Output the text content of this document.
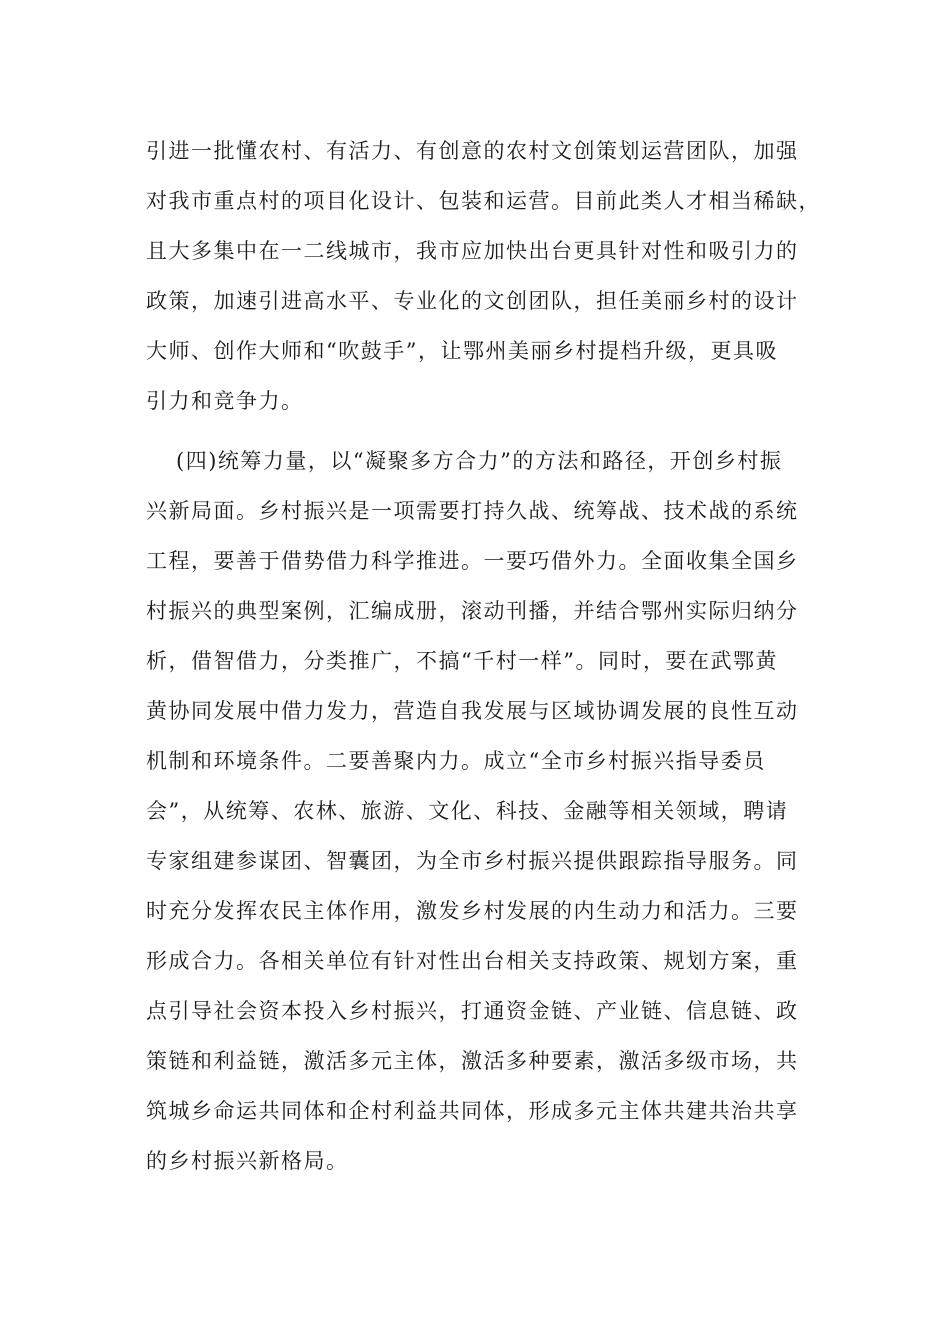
引进一批懂农村、有活力、有创意的农村文创策划运营团队，加强
对我市重点村的项目化设计、包装和运营。目前此类人才相当稀缺，
且大多集中在一二线城市，我市应加快出台更具针对性和吸引力的
政策，加速引进高水平、专业化的文创团队，担任美丽乡村的设计
大师、创作大师和“吹鼓手”，让鄂州美丽乡村提档升级，更具吸
引力和竞争力。
(四)统筹力量，以“凝聚多方合力”的方法和路径，开创乡村振
兴新局面。乡村振兴是一项需要打持久战、统筹战、技术战的系统
工程，要善于借势借力科学推进。一要巧借外力。全面收集全国乡
村振兴的典型案例，汇编成册，滚动刊播，并结合鄂州实际归纳分
析，借智借力，分类推广，不搞“千村一样”。同时，要在武鄂黄
黄协同发展中借力发力，营造自我发展与区域协调发展的良性互动
机制和环境条件。二要善聚内力。成立“全市乡村振兴指导委员
会”，从统筹、农林、旅游、文化、科技、金融等相关领域，聘请
专家组建参谋团、智囊团，为全市乡村振兴提供跟踪指导服务。同
时充分发挥农民主体作用，激发乡村发展的内生动力和活力。三要
形成合力。各相关单位有针对性出台相关支持政策、规划方案，重
点引导社会资本投入乡村振兴，打通资金链、产业链、信息链、政
策链和利益链，激活多元主体，激活多种要素，激活多级市场，共
筑城乡命运共同体和企村利益共同体，形成多元主体共建共治共享
的乡村振兴新格局。
